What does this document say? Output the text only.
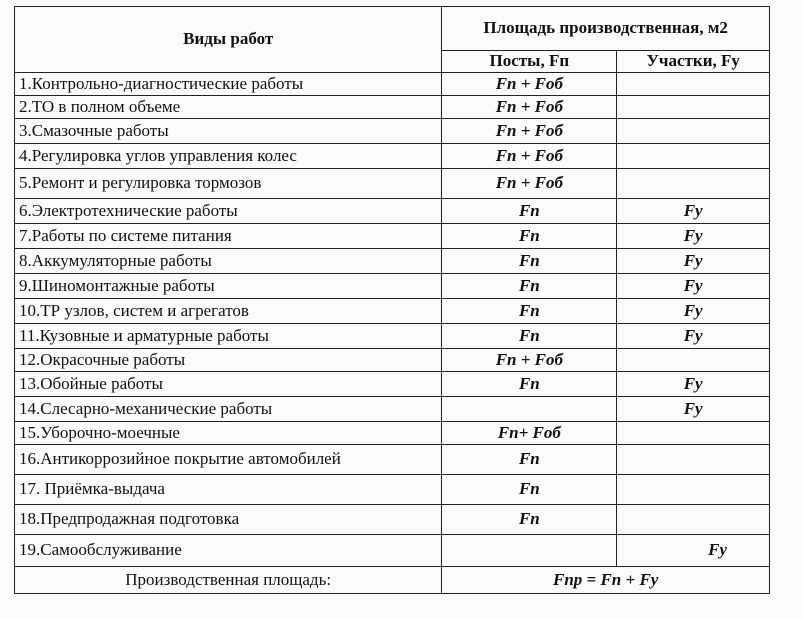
Виды работ	Площадь производственная, м2	
	Посты, Fп	Участки, Fу
1.Контрольно-диагностические работы	Fп + Fоб	
2.ТО в полном объеме	Fп + Fоб	
3.Смазочные работы	Fп + Fоб	
4.Регулировка углов управления колес	Fп + Fоб	
5.Ремонт и регулировка тормозов	Fп + Fоб	
6.Электротехнические работы	Fп	Fу
7.Работы по системе питания	Fп	Fу
8.Аккумуляторные работы	Fп	Fу
9.Шиномонтажные работы	Fп	Fу
10.ТР узлов, систем и агрегатов	Fп	Fу
11.Кузовные и арматурные работы	Fп	Fу
12.Окрасочные работы	Fп + Fоб	
13.Обойные работы	Fп	Fу
14.Слесарно-механические работы		Fу
15.Уборочно-моечные	Fп+ Fоб	
16.Антикоррозийное покрытие автомобилей	Fп	
17. Приёмка-выдача	Fп	
18.Предпродажная подготовка	Fп	
19.Самообслуживание		Fу
Производственная площадь:	Fпр = Fп + Fу	
